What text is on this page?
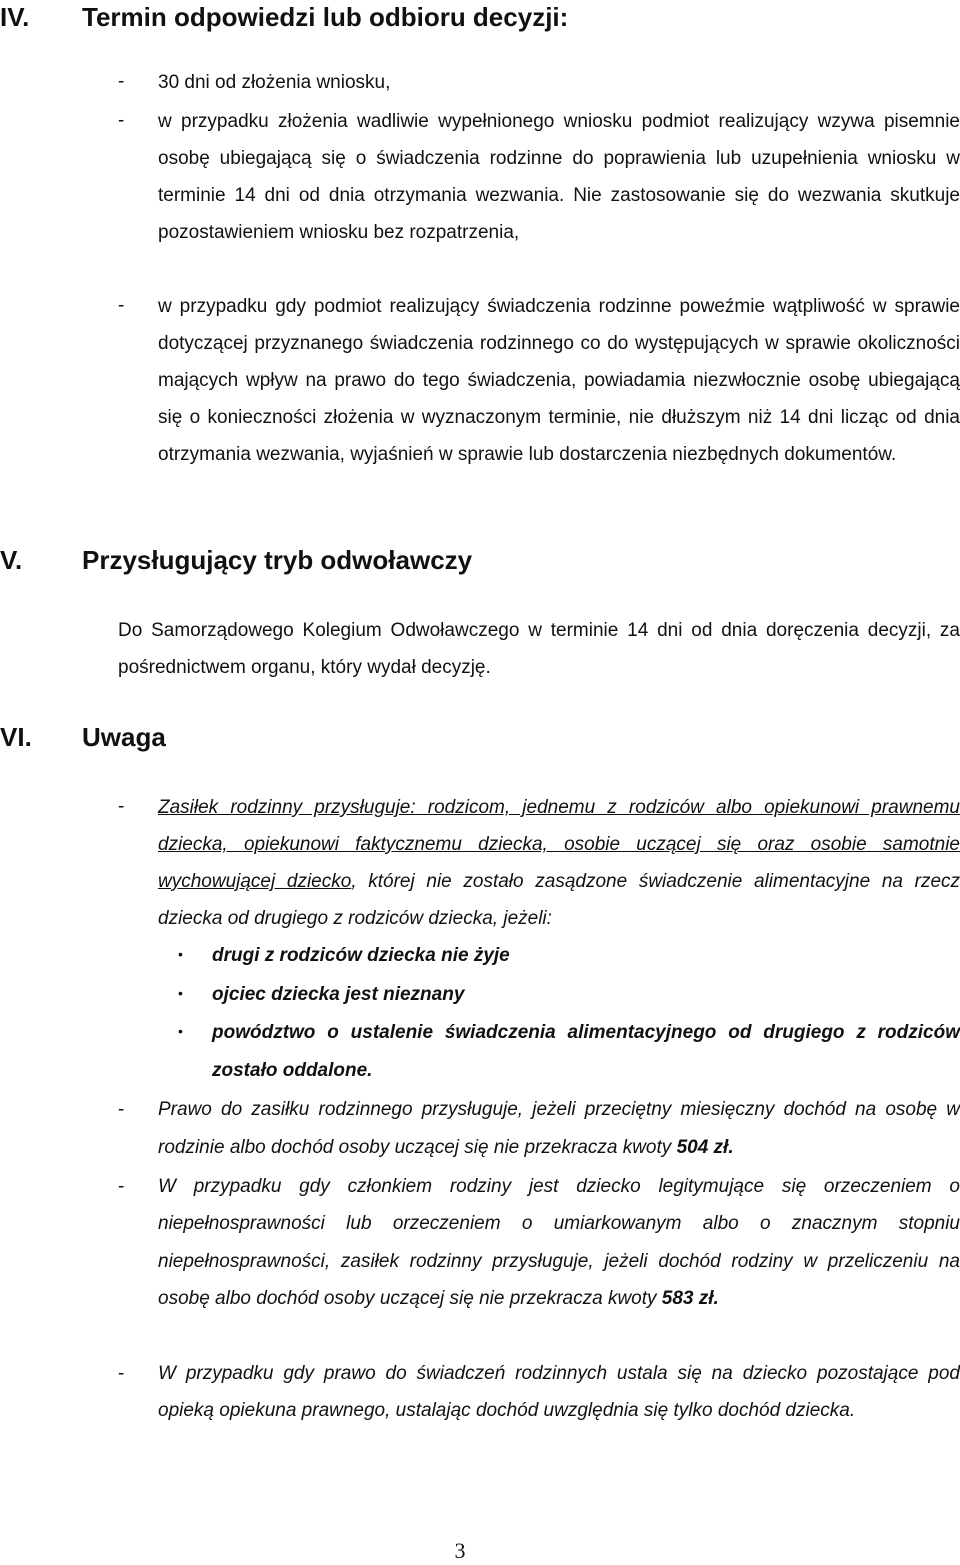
IV. Termin odpowiedzi lub odbioru decyzji:
- 30 dni od złożenia wniosku,
- w przypadku złożenia wadliwie wypełnionego wniosku podmiot realizujący wzywa pisemnie osobę ubiegającą się o świadczenia rodzinne do poprawienia lub uzupełnienia wniosku w terminie 14 dni od dnia otrzymania wezwania. Nie zastosowanie się do wezwania skutkuje pozostawieniem wniosku bez rozpatrzenia,
- w przypadku gdy podmiot realizujący świadczenia rodzinne poweźmie wątpliwość w sprawie dotyczącej przyznanego świadczenia rodzinnego co do występujących w sprawie okoliczności mających wpływ na prawo do tego świadczenia, powiadamia niezwłocznie osobę ubiegającą się o konieczności złożenia w wyznaczonym terminie, nie dłuższym niż 14 dni licząc od dnia otrzymania wezwania, wyjaśnień w sprawie lub dostarczenia niezbędnych dokumentów.
V. Przysługujący tryb odwoławczy
Do Samorządowego Kolegium Odwoławczego w terminie 14 dni od dnia doręczenia decyzji, za pośrednictwem organu, który wydał decyzję.
VI. Uwaga
- Zasiłek rodzinny przysługuje: rodzicom, jednemu z rodziców albo opiekunowi prawnemu dziecka, opiekunowi faktycznemu dziecka, osobie uczącej się oraz osobie samotnie wychowującej dziecko, której nie zostało zasądzone świadczenie alimentacyjne na rzecz dziecka od drugiego z rodziców dziecka, jeżeli:
• drugi z rodziców dziecka nie żyje
• ojciec dziecka jest nieznany
• powództwo o ustalenie świadczenia alimentacyjnego od drugiego z rodziców zostało oddalone.
- Prawo do zasiłku rodzinnego przysługuje, jeżeli przeciętny miesięczny dochód na osobę w rodzinie albo dochód osoby uczącej się nie przekracza kwoty 504 zł.
- W przypadku gdy członkiem rodziny jest dziecko legitymujące się orzeczeniem o niepełnosprawności lub orzeczeniem o umiarkowanym albo o znacznym stopniu niepełnosprawności, zasiłek rodzinny przysługuje, jeżeli dochód rodziny w przeliczeniu na osobę albo dochód osoby uczącej się nie przekracza kwoty 583 zł.
- W przypadku gdy prawo do świadczeń rodzinnych ustala się na dziecko pozostające pod opieką opiekuna prawnego, ustalając dochód uwzględnia się tylko dochód dziecka.
3
